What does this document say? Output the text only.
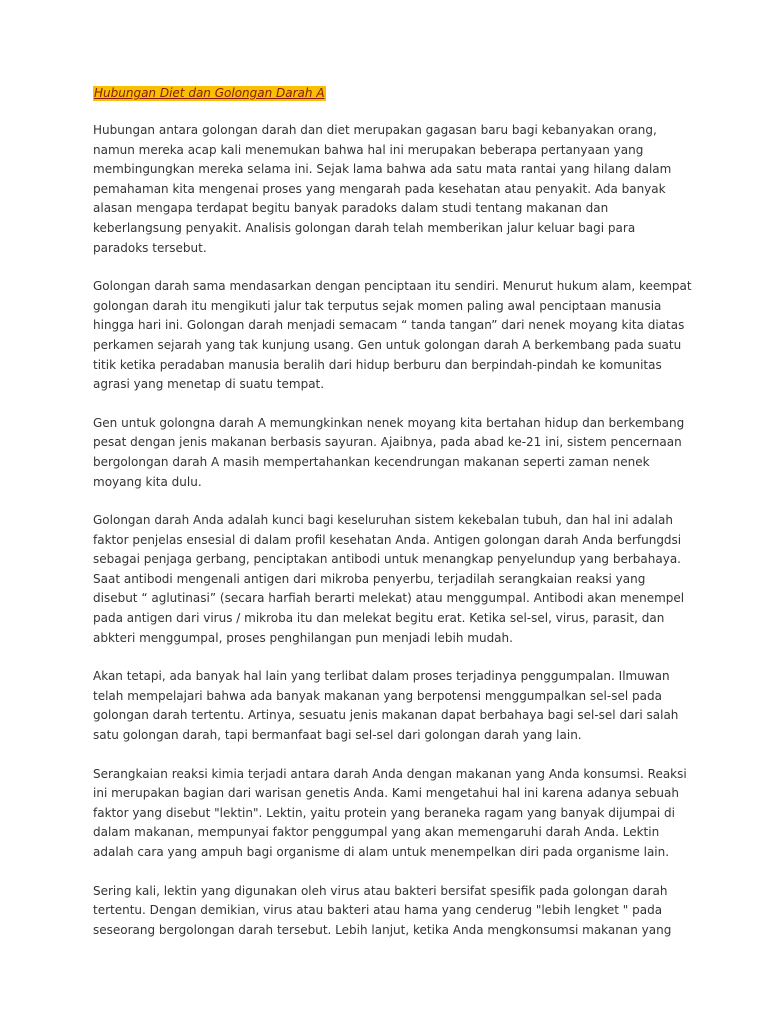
Hubungan Diet dan Golongan Darah A
Hubungan antara golongan darah dan diet merupakan gagasan baru bagi kebanyakan orang,
namun mereka acap kali menemukan bahwa hal ini merupakan beberapa pertanyaan yang
membingungkan mereka selama ini. Sejak lama bahwa ada satu mata rantai yang hilang dalam
pemahaman kita mengenai proses yang mengarah pada kesehatan atau penyakit. Ada banyak
alasan mengapa terdapat begitu banyak paradoks dalam studi tentang makanan dan
keberlangsung penyakit. Analisis golongan darah telah memberikan jalur keluar bagi para
paradoks tersebut.
Golongan darah sama mendasarkan dengan penciptaan itu sendiri. Menurut hukum alam, keempat
golongan darah itu mengikuti jalur tak terputus sejak momen paling awal penciptaan manusia
hingga hari ini. Golongan darah menjadi semacam “ tanda tangan” dari nenek moyang kita diatas
perkamen sejarah yang tak kunjung usang. Gen untuk golongan darah A berkembang pada suatu
titik ketika peradaban manusia beralih dari hidup berburu dan berpindah-pindah ke komunitas
agrasi yang menetap di suatu tempat.
Gen untuk golongna darah A memungkinkan nenek moyang kita bertahan hidup dan berkembang
pesat dengan jenis makanan berbasis sayuran. Ajaibnya, pada abad ke-21 ini, sistem pencernaan
bergolongan darah A masih mempertahankan kecendrungan makanan seperti zaman nenek
moyang kita dulu.
Golongan darah Anda adalah kunci bagi keseluruhan sistem kekebalan tubuh, dan hal ini adalah
faktor penjelas ensesial di dalam profil kesehatan Anda. Antigen golongan darah Anda berfungdsi
sebagai penjaga gerbang, penciptakan antibodi untuk menangkap penyelundup yang berbahaya.
Saat antibodi mengenali antigen dari mikroba penyerbu, terjadilah serangkaian reaksi yang
disebut “ aglutinasi” (secara harfiah berarti melekat) atau menggumpal. Antibodi akan menempel
pada antigen dari virus / mikroba itu dan melekat begitu erat. Ketika sel-sel, virus, parasit, dan
abkteri menggumpal, proses penghilangan pun menjadi lebih mudah.
Akan tetapi, ada banyak hal lain yang terlibat dalam proses terjadinya penggumpalan. Ilmuwan
telah mempelajari bahwa ada banyak makanan yang berpotensi menggumpalkan sel-sel pada
golongan darah tertentu. Artinya, sesuatu jenis makanan dapat berbahaya bagi sel-sel dari salah
satu golongan darah, tapi bermanfaat bagi sel-sel dari golongan darah yang lain.
Serangkaian reaksi kimia terjadi antara darah Anda dengan makanan yang Anda konsumsi. Reaksi
ini merupakan bagian dari warisan genetis Anda. Kami mengetahui hal ini karena adanya sebuah
faktor yang disebut "lektin". Lektin, yaitu protein yang beraneka ragam yang banyak dijumpai di
dalam makanan, mempunyai faktor penggumpal yang akan memengaruhi darah Anda. Lektin
adalah cara yang ampuh bagi organisme di alam untuk menempelkan diri pada organisme lain.
Sering kali, lektin yang digunakan oleh virus atau bakteri bersifat spesifik pada golongan darah
tertentu. Dengan demikian, virus atau bakteri atau hama yang cenderug "lebih lengket " pada
seseorang bergolongan darah tersebut. Lebih lanjut, ketika Anda mengkonsumsi makanan yang
